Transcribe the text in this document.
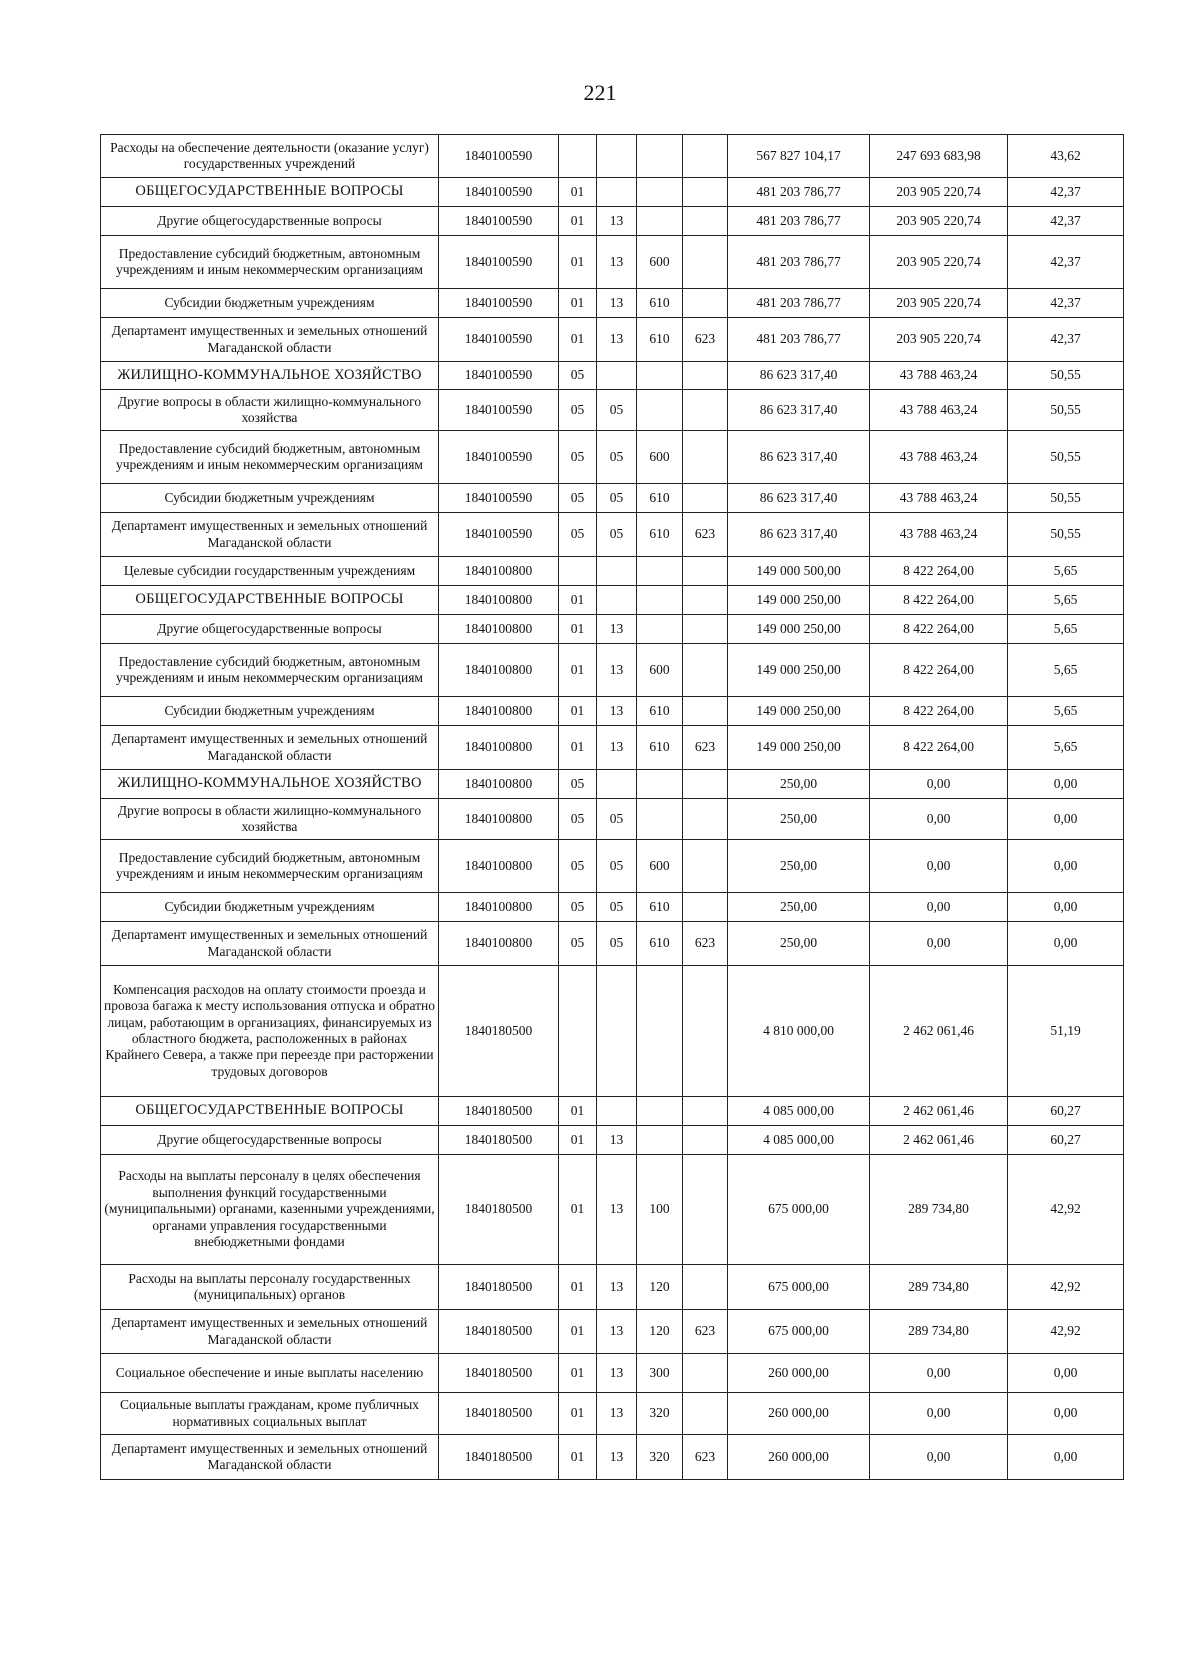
221
Расходы на обеспечение деятельности (оказание услуг) государственных учреждений	1840100590					567 827 104,17	247 693 683,98	43,62
ОБЩЕГОСУДАРСТВЕННЫЕ ВОПРОСЫ	1840100590	01				481 203 786,77	203 905 220,74	42,37
Другие общегосударственные вопросы	1840100590	01	13			481 203 786,77	203 905 220,74	42,37
Предоставление субсидий бюджетным, автономным учреждениям и иным некоммерческим организациям	1840100590	01	13	600		481 203 786,77	203 905 220,74	42,37
Субсидии бюджетным учреждениям	1840100590	01	13	610		481 203 786,77	203 905 220,74	42,37
Департамент имущественных и земельных отношений Магаданской области	1840100590	01	13	610	623	481 203 786,77	203 905 220,74	42,37
ЖИЛИЩНО-КОММУНАЛЬНОЕ ХОЗЯЙСТВО	1840100590	05				86 623 317,40	43 788 463,24	50,55
Другие вопросы в области жилищно-коммунального хозяйства	1840100590	05	05			86 623 317,40	43 788 463,24	50,55
Предоставление субсидий бюджетным, автономным учреждениям и иным некоммерческим организациям	1840100590	05	05	600		86 623 317,40	43 788 463,24	50,55
Субсидии бюджетным учреждениям	1840100590	05	05	610		86 623 317,40	43 788 463,24	50,55
Департамент имущественных и земельных отношений Магаданской области	1840100590	05	05	610	623	86 623 317,40	43 788 463,24	50,55
Целевые субсидии государственным учреждениям	1840100800					149 000 500,00	8 422 264,00	5,65
ОБЩЕГОСУДАРСТВЕННЫЕ ВОПРОСЫ	1840100800	01				149 000 250,00	8 422 264,00	5,65
Другие общегосударственные вопросы	1840100800	01	13			149 000 250,00	8 422 264,00	5,65
Предоставление субсидий бюджетным, автономным учреждениям и иным некоммерческим организациям	1840100800	01	13	600		149 000 250,00	8 422 264,00	5,65
Субсидии бюджетным учреждениям	1840100800	01	13	610		149 000 250,00	8 422 264,00	5,65
Департамент имущественных и земельных отношений Магаданской области	1840100800	01	13	610	623	149 000 250,00	8 422 264,00	5,65
ЖИЛИЩНО-КОММУНАЛЬНОЕ ХОЗЯЙСТВО	1840100800	05				250,00	0,00	0,00
Другие вопросы в области жилищно-коммунального хозяйства	1840100800	05	05			250,00	0,00	0,00
Предоставление субсидий бюджетным, автономным учреждениям и иным некоммерческим организациям	1840100800	05	05	600		250,00	0,00	0,00
Субсидии бюджетным учреждениям	1840100800	05	05	610		250,00	0,00	0,00
Департамент имущественных и земельных отношений Магаданской области	1840100800	05	05	610	623	250,00	0,00	0,00
Компенсация расходов на оплату стоимости проезда и провоза багажа к месту использования отпуска и обратно лицам, работающим в организациях, финансируемых из областного бюджета, расположенных в районах Крайнего Севера, а также при переезде при расторжении трудовых договоров	1840180500					4 810 000,00	2 462 061,46	51,19
ОБЩЕГОСУДАРСТВЕННЫЕ ВОПРОСЫ	1840180500	01				4 085 000,00	2 462 061,46	60,27
Другие общегосударственные вопросы	1840180500	01	13			4 085 000,00	2 462 061,46	60,27
Расходы на выплаты персоналу в целях обеспечения выполнения функций государственными (муниципальными) органами, казенными учреждениями, органами управления государственными внебюджетными фондами	1840180500	01	13	100		675 000,00	289 734,80	42,92
Расходы на выплаты персоналу государственных (муниципальных) органов	1840180500	01	13	120		675 000,00	289 734,80	42,92
Департамент имущественных и земельных отношений Магаданской области	1840180500	01	13	120	623	675 000,00	289 734,80	42,92
Социальное обеспечение и иные выплаты населению	1840180500	01	13	300		260 000,00	0,00	0,00
Социальные выплаты гражданам, кроме публичных нормативных социальных выплат	1840180500	01	13	320		260 000,00	0,00	0,00
Департамент имущественных и земельных отношений Магаданской области	1840180500	01	13	320	623	260 000,00	0,00	0,00
